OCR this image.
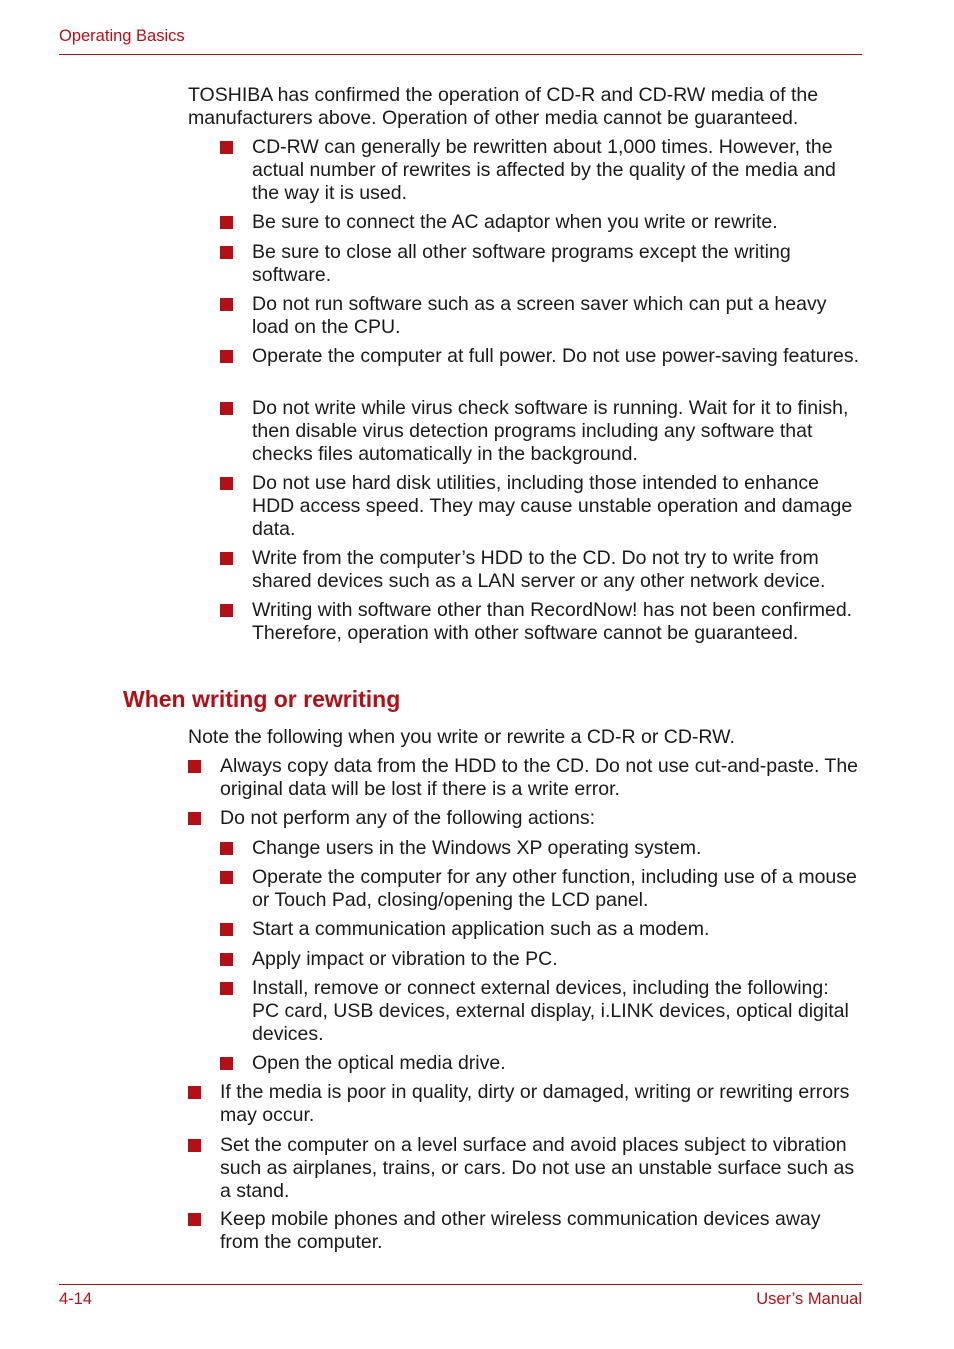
Operating Basics
TOSHIBA has confirmed the operation of CD-R and CD-RW media of the manufacturers above. Operation of other media cannot be guaranteed.
CD-RW can generally be rewritten about 1,000 times. However, the actual number of rewrites is affected by the quality of the media and the way it is used.
Be sure to connect the AC adaptor when you write or rewrite.
Be sure to close all other software programs except the writing software.
Do not run software such as a screen saver which can put a heavy load on the CPU.
Operate the computer at full power. Do not use power-saving features.
Do not write while virus check software is running. Wait for it to finish, then disable virus detection programs including any software that checks files automatically in the background.
Do not use hard disk utilities, including those intended to enhance HDD access speed. They may cause unstable operation and damage data.
Write from the computer’s HDD to the CD. Do not try to write from shared devices such as a LAN server or any other network device.
Writing with software other than RecordNow! has not been confirmed. Therefore, operation with other software cannot be guaranteed.
When writing or rewriting
Note the following when you write or rewrite a CD-R or CD-RW.
Always copy data from the HDD to the CD. Do not use cut-and-paste. The original data will be lost if there is a write error.
Do not perform any of the following actions:
Change users in the Windows XP operating system.
Operate the computer for any other function, including use of a mouse or Touch Pad, closing/opening the LCD panel.
Start a communication application such as a modem.
Apply impact or vibration to the PC.
Install, remove or connect external devices, including the following: PC card, USB devices, external display, i.LINK devices, optical digital devices.
Open the optical media drive.
If the media is poor in quality, dirty or damaged, writing or rewriting errors may occur.
Set the computer on a level surface and avoid places subject to vibration such as airplanes, trains, or cars. Do not use an unstable surface such as a stand.
Keep mobile phones and other wireless communication devices away from the computer.
4-14	User’s Manual
